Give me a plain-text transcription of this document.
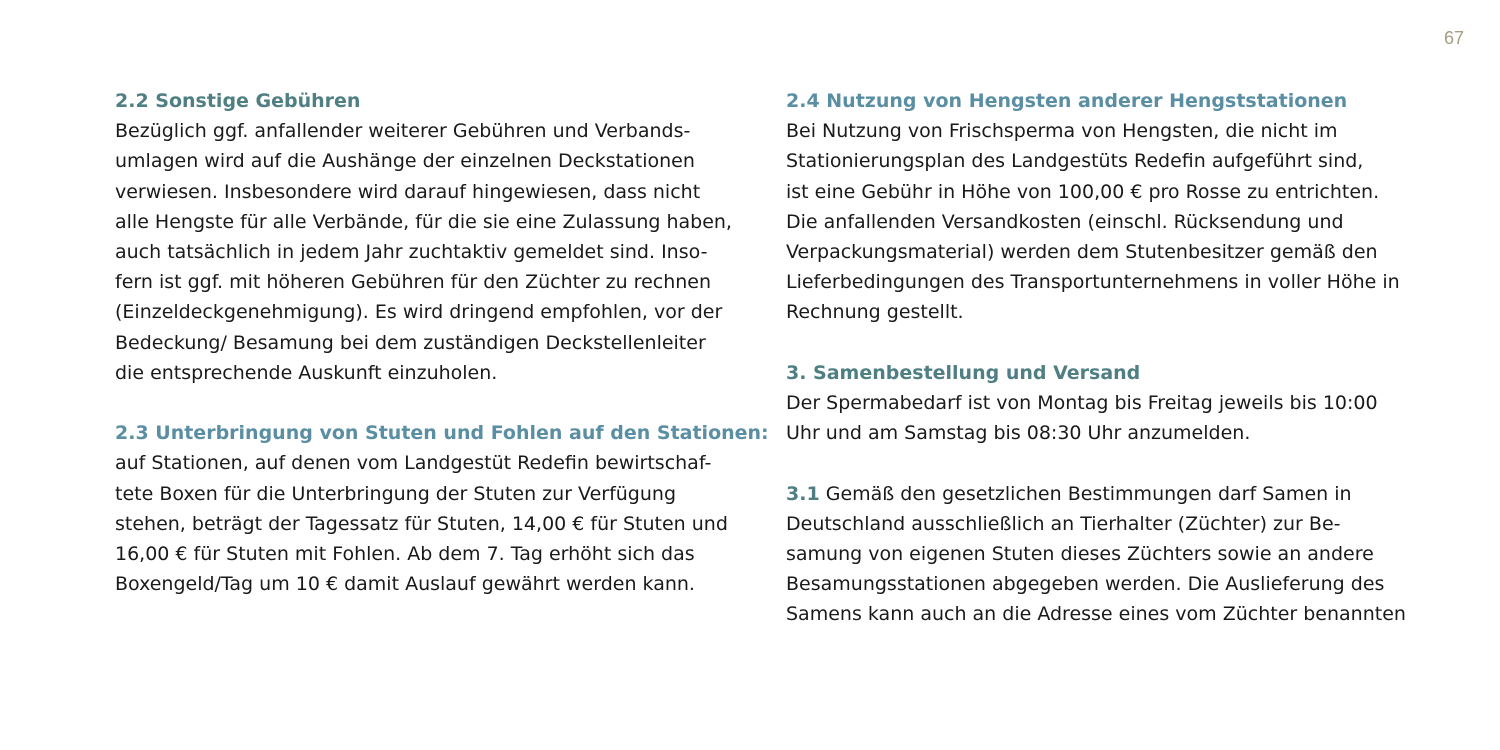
67
2.2 Sonstige Gebühren
Bezüglich ggf. anfallender weiterer Gebühren und Verbands-
umlagen wird auf die Aushänge der einzelnen Deckstationen
verwiesen. Insbesondere wird darauf hingewiesen, dass nicht
alle Hengste für alle Verbände, für die sie eine Zulassung haben,
auch tatsächlich in jedem Jahr zuchtaktiv gemeldet sind. Inso-
fern ist ggf. mit höheren Gebühren für den Züchter zu rechnen
(Einzeldeckgenehmigung). Es wird dringend empfohlen, vor der
Bedeckung/ Besamung bei dem zuständigen Deckstellenleiter
die entsprechende Auskunft einzuholen.
2.3 Unterbringung von Stuten und Fohlen auf den Stationen:
auf Stationen, auf denen vom Landgestüt Redefin bewirtschaf-
tete Boxen für die Unterbringung der Stuten zur Verfügung
stehen, beträgt der Tagessatz für Stuten, 14,00 € für Stuten und
16,00 € für Stuten mit Fohlen. Ab dem 7. Tag erhöht sich das
Boxengeld/Tag um 10 € damit Auslauf gewährt werden kann.
2.4 Nutzung von Hengsten anderer Hengststationen
Bei Nutzung von Frischsperma von Hengsten, die nicht im
Stationierungsplan des Landgestüts Redefin aufgeführt sind,
ist eine Gebühr in Höhe von 100,00 € pro Rosse zu entrichten.
Die anfallenden Versandkosten (einschl. Rücksendung und
Verpackungsmaterial) werden dem Stutenbesitzer gemäß den
Lieferbedingungen des Transportunternehmens in voller Höhe in
Rechnung gestellt.
3. Samenbestellung und Versand
Der Spermabedarf ist von Montag bis Freitag jeweils bis 10:00
Uhr und am Samstag bis 08:30 Uhr anzumelden.
3.1 Gemäß den gesetzlichen Bestimmungen darf Samen in
Deutschland ausschließlich an Tierhalter (Züchter) zur Be-
samung von eigenen Stuten dieses Züchters sowie an andere
Besamungsstationen abgegeben werden. Die Auslieferung des
Samens kann auch an die Adresse eines vom Züchter benannten
